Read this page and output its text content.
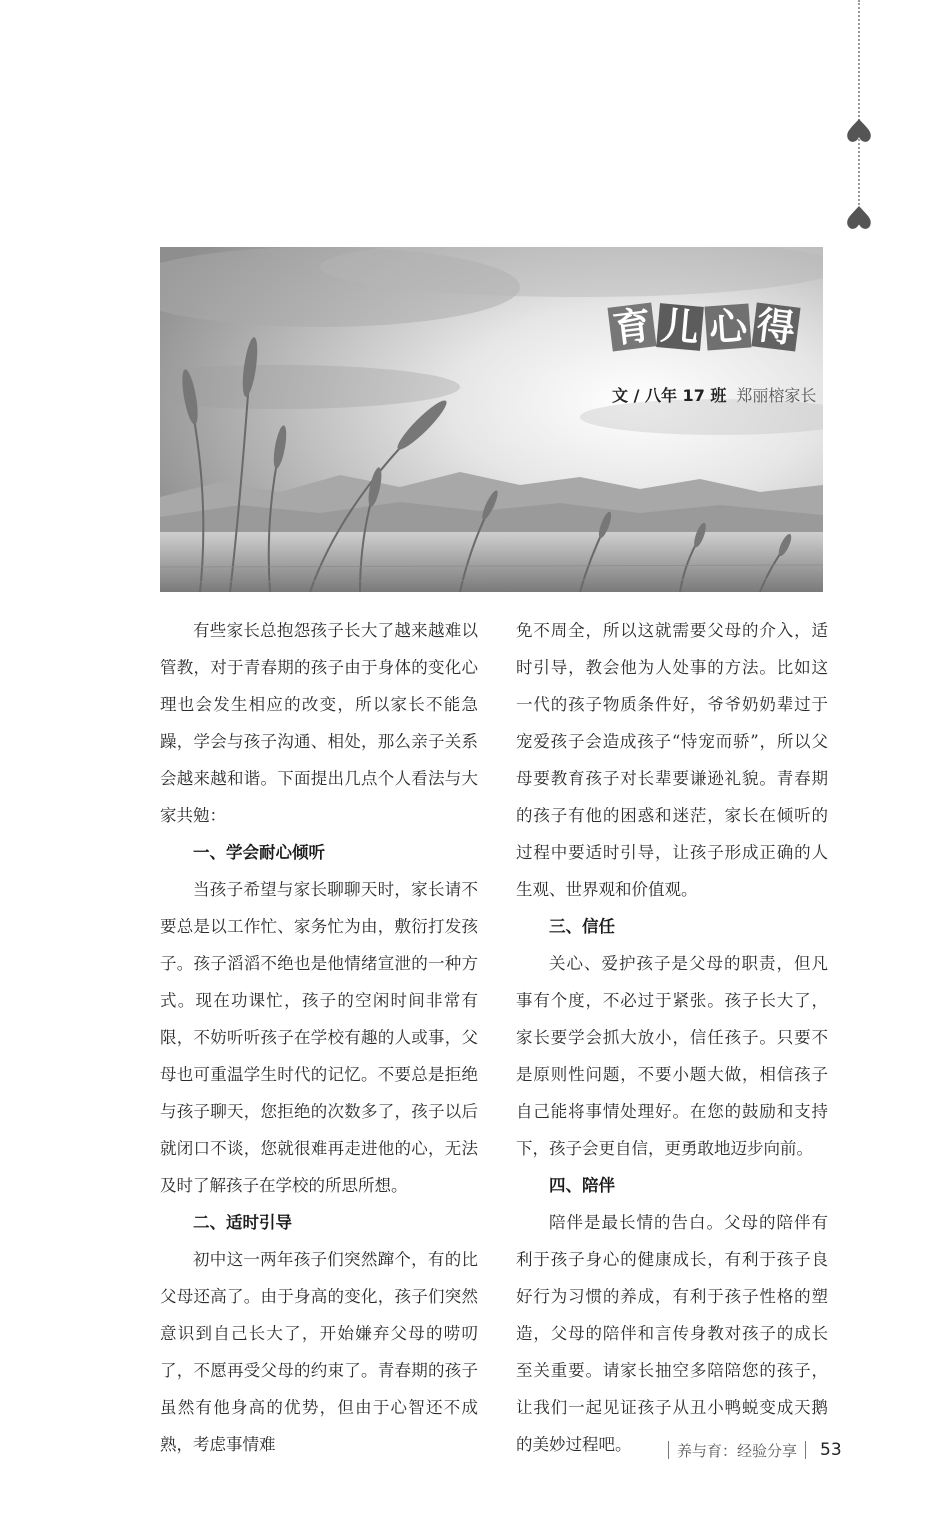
育 儿 心 得
文 / 八年 17 班 郑丽榕家长

有些家长总抱怨孩子长大了越来越难以管教，对于青春期的孩子由于身体的变化心理也会发生相应的改变，所以家长不能急躁，学会与孩子沟通、相处，那么亲子关系会越来越和谐。下面提出几点个人看法与大家共勉：

一、学会耐心倾听

当孩子希望与家长聊聊天时，家长请不要总是以工作忙、家务忙为由，敷衍打发孩子。孩子滔滔不绝也是他情绪宣泄的一种方式。现在功课忙，孩子的空闲时间非常有限，不妨听听孩子在学校有趣的人或事，父母也可重温学生时代的记忆。不要总是拒绝与孩子聊天，您拒绝的次数多了，孩子以后就闭口不谈，您就很难再走进他的心，无法及时了解孩子在学校的所思所想。

二、适时引导

初中这一两年孩子们突然蹿个，有的比父母还高了。由于身高的变化，孩子们突然意识到自己长大了，开始嫌弃父母的唠叨了，不愿再受父母的约束了。青春期的孩子虽然有他身高的优势，但由于心智还不成熟，考虑事情难

免不周全，所以这就需要父母的介入，适时引导，教会他为人处事的方法。比如这一代的孩子物质条件好，爷爷奶奶辈过于宠爱孩子会造成孩子“恃宠而骄”，所以父母要教育孩子对长辈要谦逊礼貌。青春期的孩子有他的困惑和迷茫，家长在倾听的过程中要适时引导，让孩子形成正确的人生观、世界观和价值观。

三、信任

关心、爱护孩子是父母的职责，但凡事有个度，不必过于紧张。孩子长大了，家长要学会抓大放小，信任孩子。只要不是原则性问题，不要小题大做，相信孩子自己能将事情处理好。在您的鼓励和支持下，孩子会更自信，更勇敢地迈步向前。

四、陪伴

陪伴是最长情的告白。父母的陪伴有利于孩子身心的健康成长，有利于孩子良好行为习惯的养成，有利于孩子性格的塑造，父母的陪伴和言传身教对孩子的成长至关重要。请家长抽空多陪陪您的孩子，让我们一起见证孩子从丑小鸭蜕变成天鹅的美妙过程吧。	养与育：经验分享 53
